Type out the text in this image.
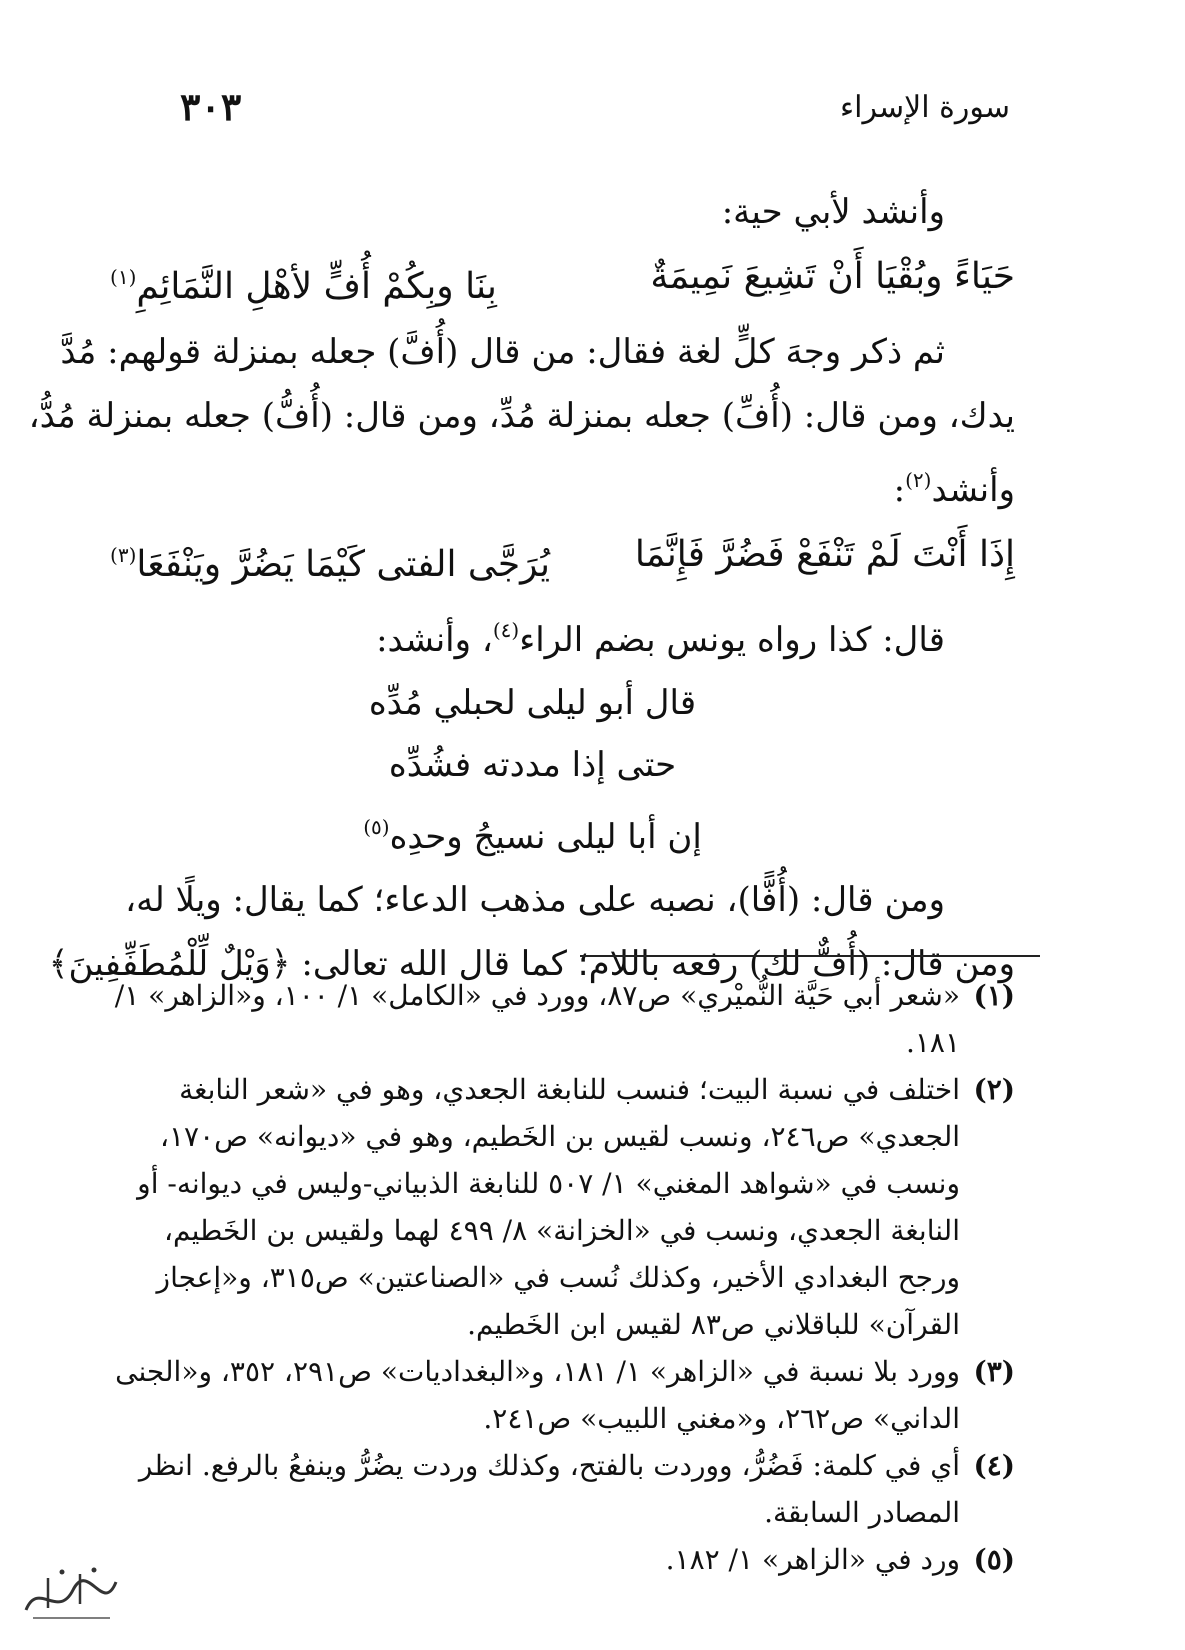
سورة الإسراء
٣٠٣
وأنشد لأبي حية:
حَيَاءً وبُقْيَا أَنْ تَشِيعَ نَمِيمَةٌ
بِنَا وبِكُمْ أُفٍّ لأهْلِ النَّمَائِمِ$^{(١)}$
ثم ذكر وجهَ كلٍّ لغة فقال: من قال (أُفَّ) جعله بمنزلة قولهم: مُدَّ
يدك، ومن قال: (أُفِّ) جعله بمنزلة مُدِّ، ومن قال: (أُفُّ) جعله بمنزلة مُدُّ،
وأنشد$^{(٢)}$:
إِذَا أَنْتَ لَمْ تَنْفَعْ فَضُرَّ فَإِنَّمَا
يُرَجَّى الفتى كَيْمَا يَضُرَّ ويَنْفَعَا$^{(٣)}$
قال: كذا رواه يونس بضم الراء$^{(٤)}$، وأنشد:
قال أبو ليلى لحبلي مُدِّه
حتى إذا مددته فشُدِّه
إن أبا ليلى نسيجُ وحدِه$^{(٥)}$
ومن قال: (أُفًّا)، نصبه على مذهب الدعاء؛ كما يقال: ويلًا له،
ومن قال: (أُفٌّ لك) رفعه باللام؛ كما قال الله تعالى: ﴿وَيْلٌ لِّلْمُطَفِّفِينَ﴾
(١)
«شعر أبي حَيَّة النُّميْري» ص٨٧، وورد في «الكامل» ١/ ١٠٠، و«الزاهر» ١/ ١٨١.
(٢)
اختلف في نسبة البيت؛ فنسب للنابغة الجعدي، وهو في «شعر النابغة الجعدي» ص٢٤٦، ونسب لقيس بن الخَطيم، وهو في «ديوانه» ص١٧٠، ونسب في «شواهد المغني» ١/ ٥٠٧ للنابغة الذبياني-وليس في ديوانه- أو النابغة الجعدي، ونسب في «الخزانة» ٨/ ٤٩٩ لهما ولقيس بن الخَطيم، ورجح البغدادي الأخير، وكذلك نُسب في «الصناعتين» ص٣١٥، و«إعجاز القرآن» للباقلاني ص٨٣ لقيس ابن الخَطيم.
(٣)
وورد بلا نسبة في «الزاهر» ١/ ١٨١، و«البغداديات» ص٢٩١، ٣٥٢، و«الجنى الداني» ص٢٦٢، و«مغني اللبيب» ص٢٤١.
(٤)
أي في كلمة: فَضُرُّ، ووردت بالفتح، وكذلك وردت يضُرُّ وينفعُ بالرفع. انظر المصادر السابقة.
(٥)
ورد في «الزاهر» ١/ ١٨٢.
